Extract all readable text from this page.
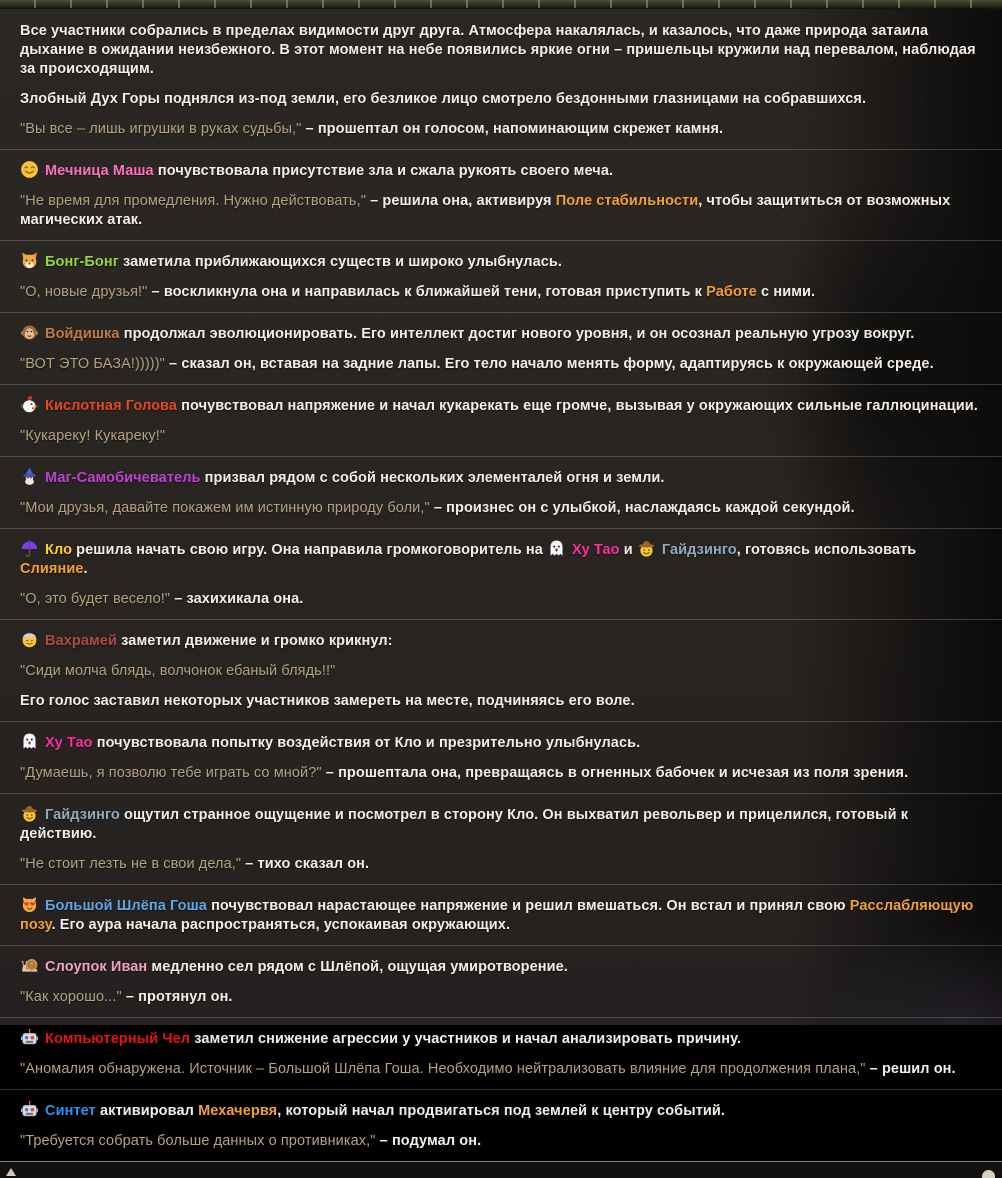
Все участники собрались в пределах видимости друг друга. Атмосфера накалялась, и казалось, что даже природа затаила дыхание в ожидании неизбежного. В этот момент на небе появились яркие огни – пришельцы кружили над перевалом, наблюдая за происходящим.
Злобный Дух Горы поднялся из-под земли, его безликое лицо смотрело бездонными глазницами на собравшихся.
"Вы все – лишь игрушки в руках судьбы," – прошептал он голосом, напоминающим скрежет камня.
Мечница Маша почувствовала присутствие зла и сжала рукоять своего меча.
"Не время для промедления. Нужно действовать," – решила она, активируя Поле стабильности, чтобы защититься от возможных магических атак.
Бонг-Бонг заметила приближающихся существ и широко улыбнулась.
"О, новые друзья!" – воскликнула она и направилась к ближайшей тени, готовая приступить к Работе с ними.
Войдишка продолжал эволюционировать. Его интеллект достиг нового уровня, и он осознал реальную угрозу вокруг.
"ВОТ ЭТО БАЗА!)))))" – сказал он, вставая на задние лапы. Его тело начало менять форму, адаптируясь к окружающей среде.
Кислотная Голова почувствовал напряжение и начал кукарекать еще громче, вызывая у окружающих сильные галлюцинации.
"Кукареку! Кукареку!"
Маг-Самобичеватель призвал рядом с собой нескольких элементалей огня и земли.
"Мои друзья, давайте покажем им истинную природу боли," – произнес он с улыбкой, наслаждаясь каждой секундой.
Кло решила начать свою игру. Она направила громкоговоритель на
Ху Тао и
Гайдзинго, готовясь использовать Слияние.
"О, это будет весело!" – захихикала она.
Вахрамей заметил движение и громко крикнул:
"Сиди молча блядь, волчонок ебаный блядь!!"
Его голос заставил некоторых участников замереть на месте, подчиняясь его воле.
Ху Тао почувствовала попытку воздействия от Кло и презрительно улыбнулась.
"Думаешь, я позволю тебе играть со мной?" – прошептала она, превращаясь в огненных бабочек и исчезая из поля зрения.
Гайдзинго ощутил странное ощущение и посмотрел в сторону Кло. Он выхватил револьвер и прицелился, готовый к действию.
"Не стоит лезть не в свои дела," – тихо сказал он.
Большой Шлёпа Гоша почувствовал нарастающее напряжение и решил вмешаться. Он встал и принял свою Расслабляющую позу. Его аура начала распространяться, успокаивая окружающих.
Слоупок Иван медленно сел рядом с Шлёпой, ощущая умиротворение.
"Как хорошо..." – протянул он.
Компьютерный Чел заметил снижение агрессии у участников и начал анализировать причину.
"Аномалия обнаружена. Источник – Большой Шлёпа Гоша. Необходимо нейтрализовать влияние для продолжения плана," – решил он.
Синтет активировал Мехачервя, который начал продвигаться под землей к центру событий.
"Требуется собрать больше данных о противниках," – подумал он.
